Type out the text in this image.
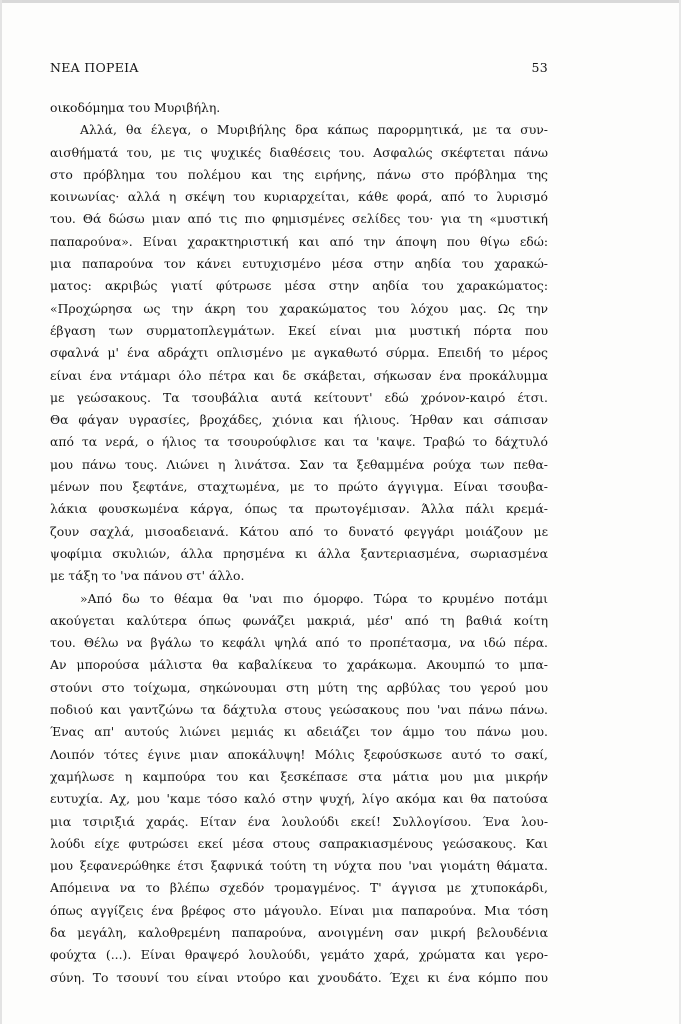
ΝΕΑ ΠΟΡΕΙΑ	53

οικοδόμημα του Μυριβήλη.

Αλλά, θα έλεγα, ο Μυριβήλης δρα κάπως παρορμητικά, με τα συν-
αισθήματά του, με τις ψυχικές διαθέσεις του. Ασφαλώς σκέφτεται πάνω
στο πρόβλημα του πολέμου και της ειρήνης, πάνω στο πρόβλημα της
κοινωνίας· αλλά η σκέψη του κυριαρχείται, κάθε φορά, από το λυρισμό
του. Θά δώσω μιαν από τις πιο φημισμένες σελίδες του· για τη «μυστική
παπαρούνα». Είναι χαρακτηριστική και από την άποψη που θίγω εδώ:
μια παπαρούνα τον κάνει ευτυχισμένο μέσα στην αηδία του χαρακώ-
ματος: ακριβώς γιατί φύτρωσε μέσα στην αηδία του χαρακώματος:
«Προχώρησα ως την άκρη του χαρακώματος του λόχου μας. Ως την
έβγαση των συρματοπλεγμάτων. Εκεί είναι μια μυστική πόρτα που
σφαλνά μ' ένα αδράχτι οπλισμένο με αγκαθωτό σύρμα. Επειδή το μέρος
είναι ένα ντάμαρι όλο πέτρα και δε σκάβεται, σήκωσαν ένα προκάλυμμα
με γεώσακους. Τα τσουβάλια αυτά κείτουντ' εδώ χρόνον-καιρό έτσι.
Θα φάγαν υγρασίες, βροχάδες, χιόνια και ήλιους. Ήρθαν και σάπισαν
από τα νερά, ο ήλιος τα τσουρούφλισε και τα 'καψε. Τραβώ το δάχτυλό
μου πάνω τους. Λιώνει η λινάτσα. Σαν τα ξεθαμμένα ρούχα των πεθα-
μένων που ξεφτάνε, σταχτωμένα, με το πρώτο άγγιγμα. Είναι τσουβα-
λάκια φουσκωμένα κάργα, όπως τα πρωτογέμισαν. Άλλα πάλι κρεμά-
ζουν σαχλά, μισοαδειανά. Κάτου από το δυνατό φεγγάρι μοιάζουν με
ψοφίμια σκυλιών, άλλα πρησμένα κι άλλα ξαντεριασμένα, σωριασμένα
με τάξη το 'να πάνου στ' άλλο.

»Από δω το θέαμα θα 'ναι πιο όμορφο. Τώρα το κρυμένο ποτάμι
ακούγεται καλύτερα όπως φωνάζει μακριά, μέσ' από τη βαθιά κοίτη
του. Θέλω να βγάλω το κεφάλι ψηλά από το προπέτασμα, να ιδώ πέρα.
Αν μπορούσα μάλιστα θα καβαλίκευα το χαράκωμα. Ακουμπώ το μπα-
στούνι στο τοίχωμα, σηκώνουμαι στη μύτη της αρβύλας του γερού μου
ποδιού και γαντζώνω τα δάχτυλα στους γεώσακους που 'ναι πάνω πάνω.
Ένας απ' αυτούς λιώνει μεμιάς κι αδειάζει τον άμμο του πάνω μου.
Λοιπόν τότες έγινε μιαν αποκάλυψη! Μόλις ξεφούσκωσε αυτό το σακί,
χαμήλωσε η καμπούρα του και ξεσκέπασε στα μάτια μου μια μικρήν
ευτυχία. Αχ, μου 'καμε τόσο καλό στην ψυχή, λίγο ακόμα και θα πατούσα
μια τσιριξιά χαράς. Είταν ένα λουλούδι εκεί! Συλλογίσου. Ένα λου-
λούδι είχε φυτρώσει εκεί μέσα στους σαπρακιασμένους γεώσακους. Και
μου ξεφανερώθηκε έτσι ξαφνικά τούτη τη νύχτα που 'ναι γιομάτη θάματα.
Απόμεινα να το βλέπω σχεδόν τρομαγμένος. Τ' άγγισα με χτυποκάρδι,
όπως αγγίζεις ένα βρέφος στο μάγουλο. Είναι μια παπαρούνα. Μια τόση
δα μεγάλη, καλοθρεμένη παπαρούνα, ανοιγμένη σαν μικρή βελουδένια
φούχτα (...). Είναι θραψερό λουλούδι, γεμάτο χαρά, χρώματα και γερο-
σύνη. Το τσουνί του είναι ντούρο και χνουδάτο. Έχει κι ένα κόμπο που
